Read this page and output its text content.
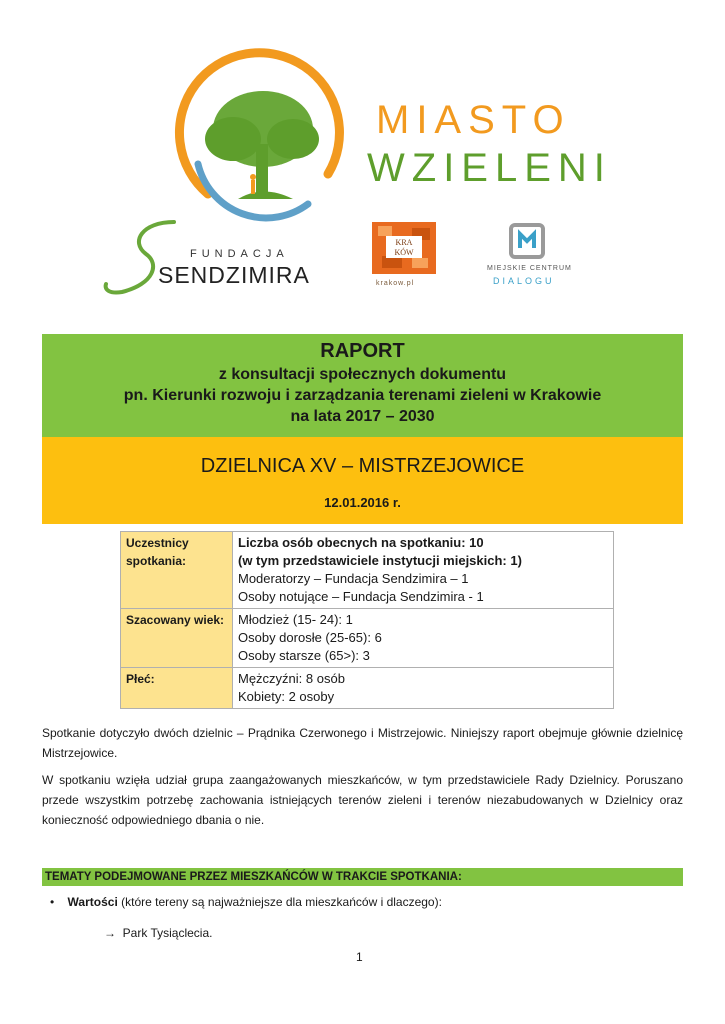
MIASTO
WZIELENI
FUNDACJA
SENDZIMIRA
KRA
KÓW
krakow.pl
MIEJSKIE CENTRUM
DIALOGU
RAPORT
z konsultacji społecznych dokumentu
pn. Kierunki rozwoju i zarządzania terenami zieleni w Krakowie
na lata 2017 – 2030
DZIELNICA XV – MISTRZEJOWICE
12.01.2016 r.
Uczestnicy spotkania:	Liczba osób obecnych na spotkaniu: 10
(w tym przedstawiciele instytucji miejskich: 1)
Moderatorzy – Fundacja Sendzimira – 1
Osoby notujące – Fundacja Sendzimira - 1

Szacowany wiek:	Młodzież (15- 24): 1
Osoby dorosłe (25-65): 6
Osoby starsze (65>): 3

Płeć:	Mężczyźni: 8 osób
Kobiety: 2 osoby
Spotkanie dotyczyło dwóch dzielnic – Prądnika Czerwonego i Mistrzejowic. Niniejszy raport obejmuje głównie dzielnicę Mistrzejowice.
W spotkaniu wzięła udział grupa zaangażowanych mieszkańców, w tym przedstawiciele Rady Dzielnicy. Poruszano przede wszystkim potrzebę zachowania istniejących terenów zieleni i terenów niezabudowanych w Dzielnicy oraz konieczność odpowiedniego dbania o nie.
TEMATY PODEJMOWANE PRZEZ MIESZKAŃCÓW W TRAKCIE SPOTKANIA:
• Wartości (które tereny są najważniejsze dla mieszkańców i dlaczego):
→ Park Tysiąclecia.
1
